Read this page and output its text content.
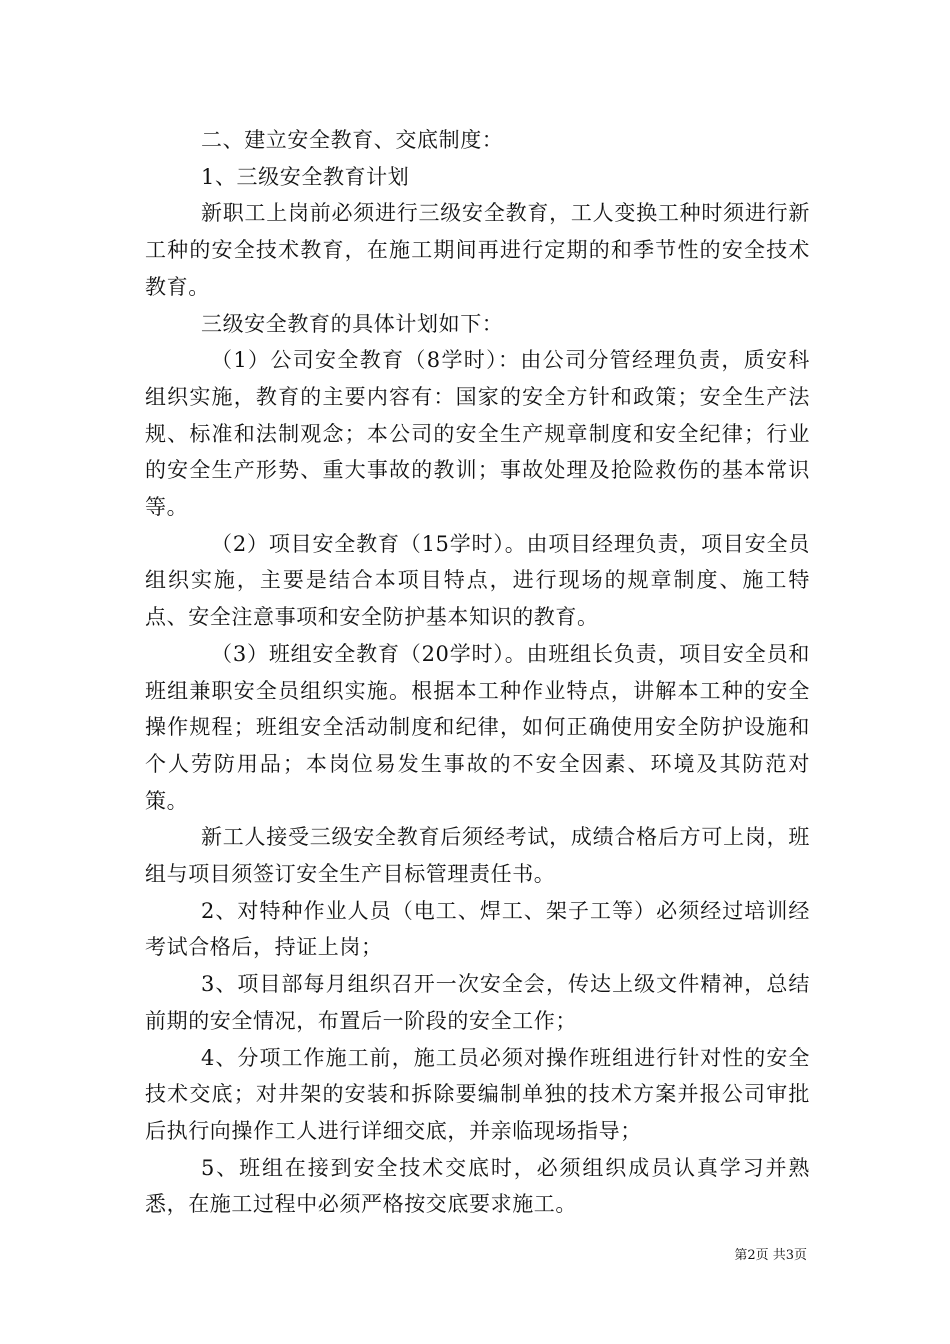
二、建立安全教育、交底制度：

1、三级安全教育计划

新职工上岗前必须进行三级安全教育，工人变换工种时须进行新工种的安全技术教育，在施工期间再进行定期的和季节性的安全技术教育。

三级安全教育的具体计划如下：

（1）公司安全教育（8学时）：由公司分管经理负责，质安科组织实施，教育的主要内容有：国家的安全方针和政策；安全生产法规、标准和法制观念；本公司的安全生产规章制度和安全纪律；行业的安全生产形势、重大事故的教训；事故处理及抢险救伤的基本常识等。

（2）项目安全教育（15学时）。由项目经理负责，项目安全员组织实施，主要是结合本项目特点，进行现场的规章制度、施工特点、安全注意事项和安全防护基本知识的教育。

（3）班组安全教育（20学时）。由班组长负责，项目安全员和班组兼职安全员组织实施。根据本工种作业特点，讲解本工种的安全操作规程；班组安全活动制度和纪律，如何正确使用安全防护设施和个人劳防用品；本岗位易发生事故的不安全因素、环境及其防范对策。

新工人接受三级安全教育后须经考试，成绩合格后方可上岗，班组与项目须签订安全生产目标管理责任书。

2、对特种作业人员（电工、焊工、架子工等）必须经过培训经考试合格后，持证上岗；

3、项目部每月组织召开一次安全会，传达上级文件精神，总结前期的安全情况，布置后一阶段的安全工作；

4、分项工作施工前，施工员必须对操作班组进行针对性的安全技术交底；对井架的安装和拆除要编制单独的技术方案并报公司审批后执行向操作工人进行详细交底，并亲临现场指导；

5、班组在接到安全技术交底时，必须组织成员认真学习并熟悉，在施工过程中必须严格按交底要求施工。

第2页 共3页
